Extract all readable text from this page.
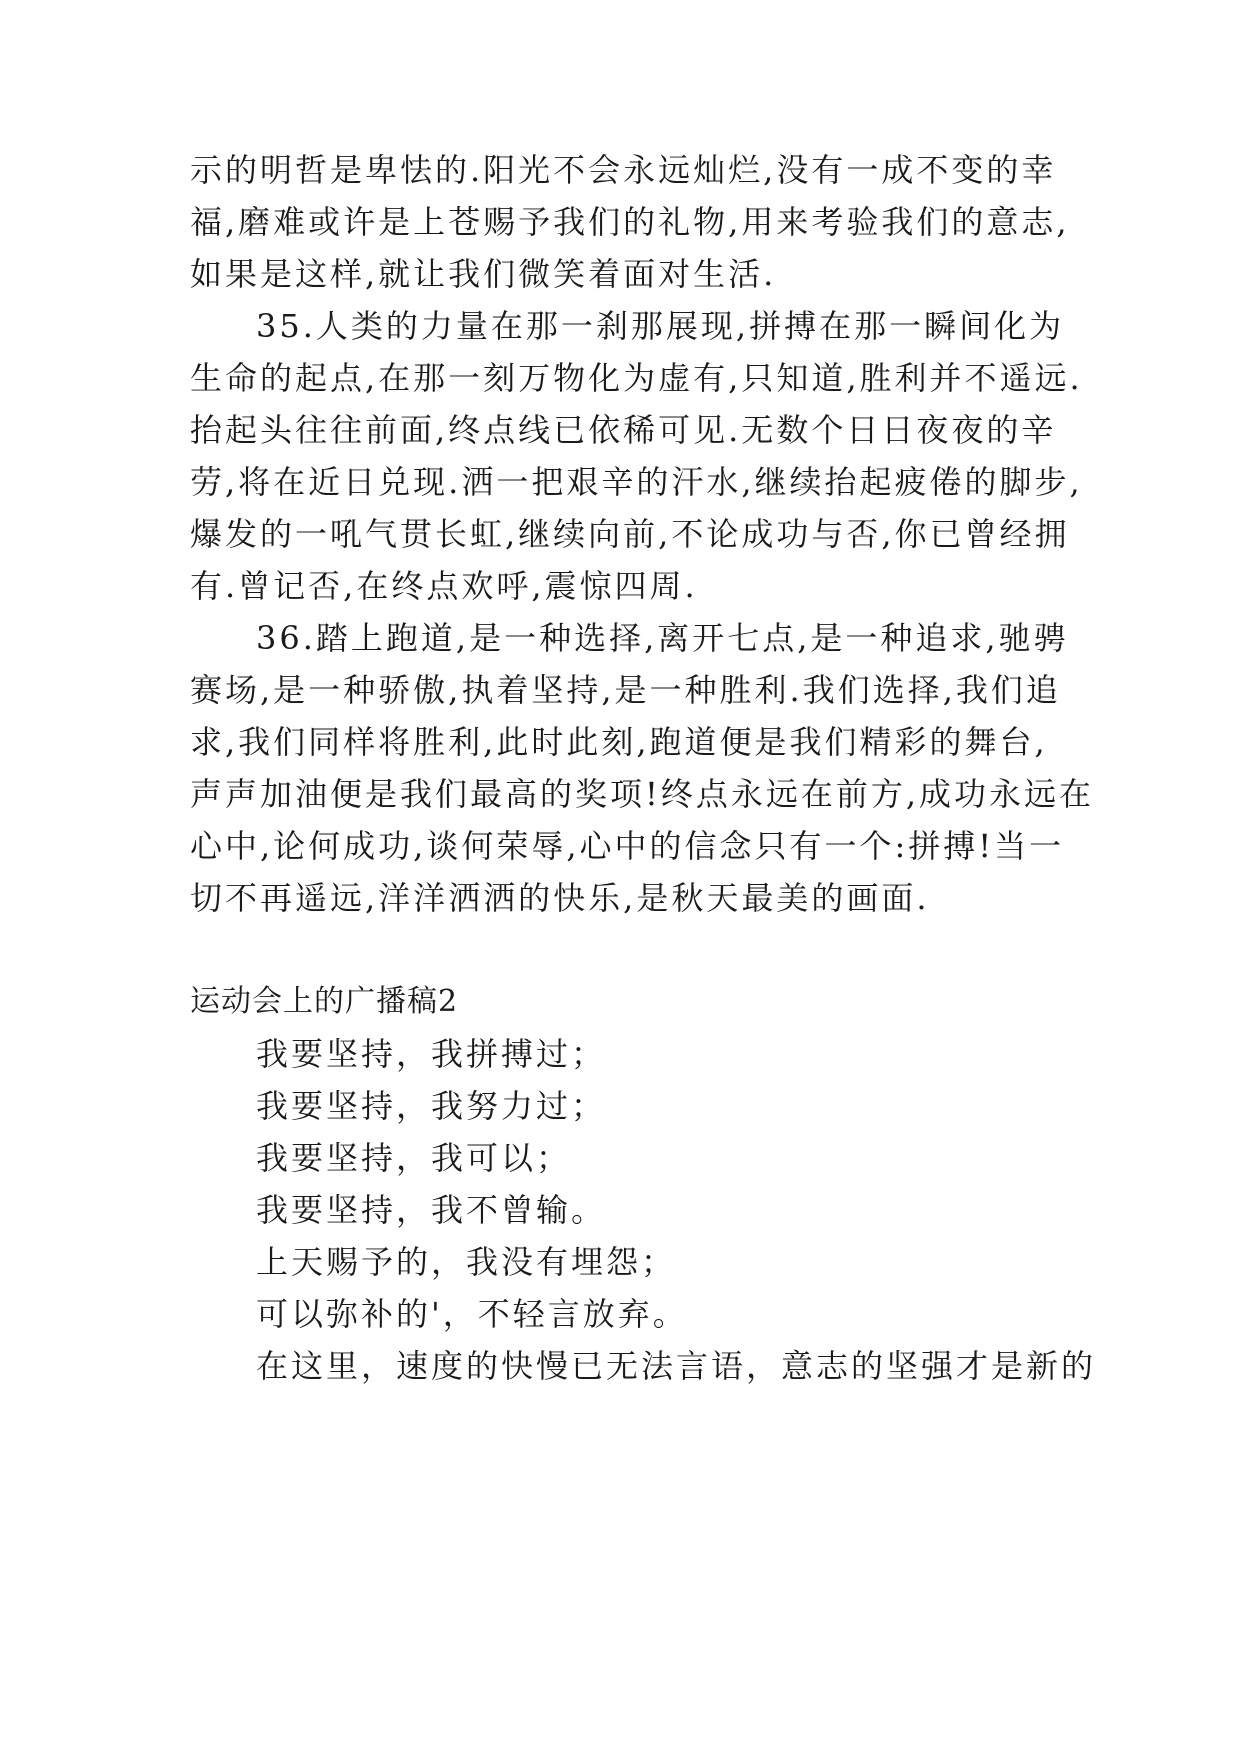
示的明哲是卑怯的.阳光不会永远灿烂,没有一成不变的幸
福,磨难或许是上苍赐予我们的礼物,用来考验我们的意志,
如果是这样,就让我们微笑着面对生活.
35.人类的力量在那一刹那展现,拼搏在那一瞬间化为
生命的起点,在那一刻万物化为虚有,只知道,胜利并不遥远.
抬起头往往前面,终点线已依稀可见.无数个日日夜夜的辛
劳,将在近日兑现.洒一把艰辛的汗水,继续抬起疲倦的脚步,
爆发的一吼气贯长虹,继续向前,不论成功与否,你已曾经拥
有.曾记否,在终点欢呼,震惊四周.
36.踏上跑道,是一种选择,离开七点,是一种追求,驰骋
赛场,是一种骄傲,执着坚持,是一种胜利.我们选择,我们追
求,我们同样将胜利,此时此刻,跑道便是我们精彩的舞台,
声声加油便是我们最高的奖项!终点永远在前方,成功永远在
心中,论何成功,谈何荣辱,心中的信念只有一个:拼搏!当一
切不再遥远,洋洋洒洒的快乐,是秋天最美的画面.
运动会上的广播稿2
我要坚持，我拼搏过；
我要坚持，我努力过；
我要坚持，我可以；
我要坚持，我不曾输。
上天赐予的，我没有埋怨；
可以弥补的'，不轻言放弃。
在这里，速度的快慢已无法言语，意志的坚强才是新的
